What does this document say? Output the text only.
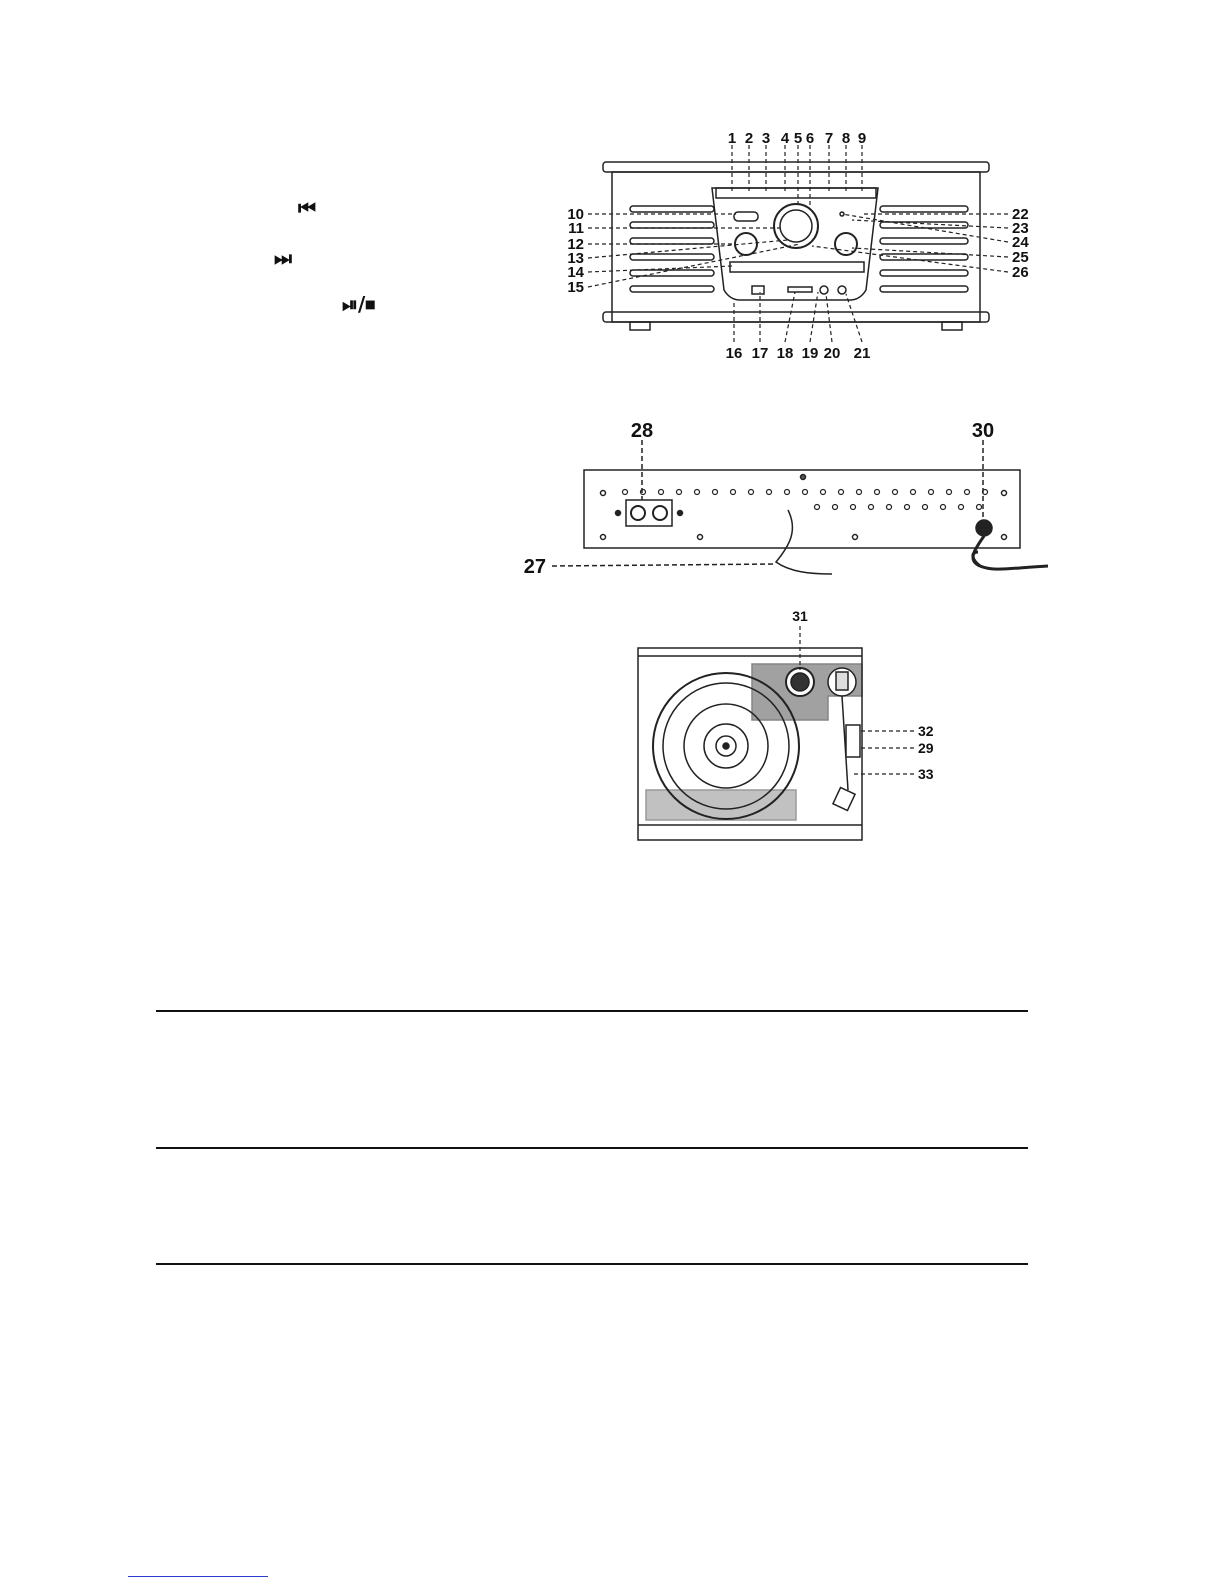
⏮
⏭
⏯/⏹
1 2 3 4 5 6 7 8 9
10
11
12
13
14
15
22
23
24
25
26
16 17 18 19 20 21
28	30
27
31
32
29
33
